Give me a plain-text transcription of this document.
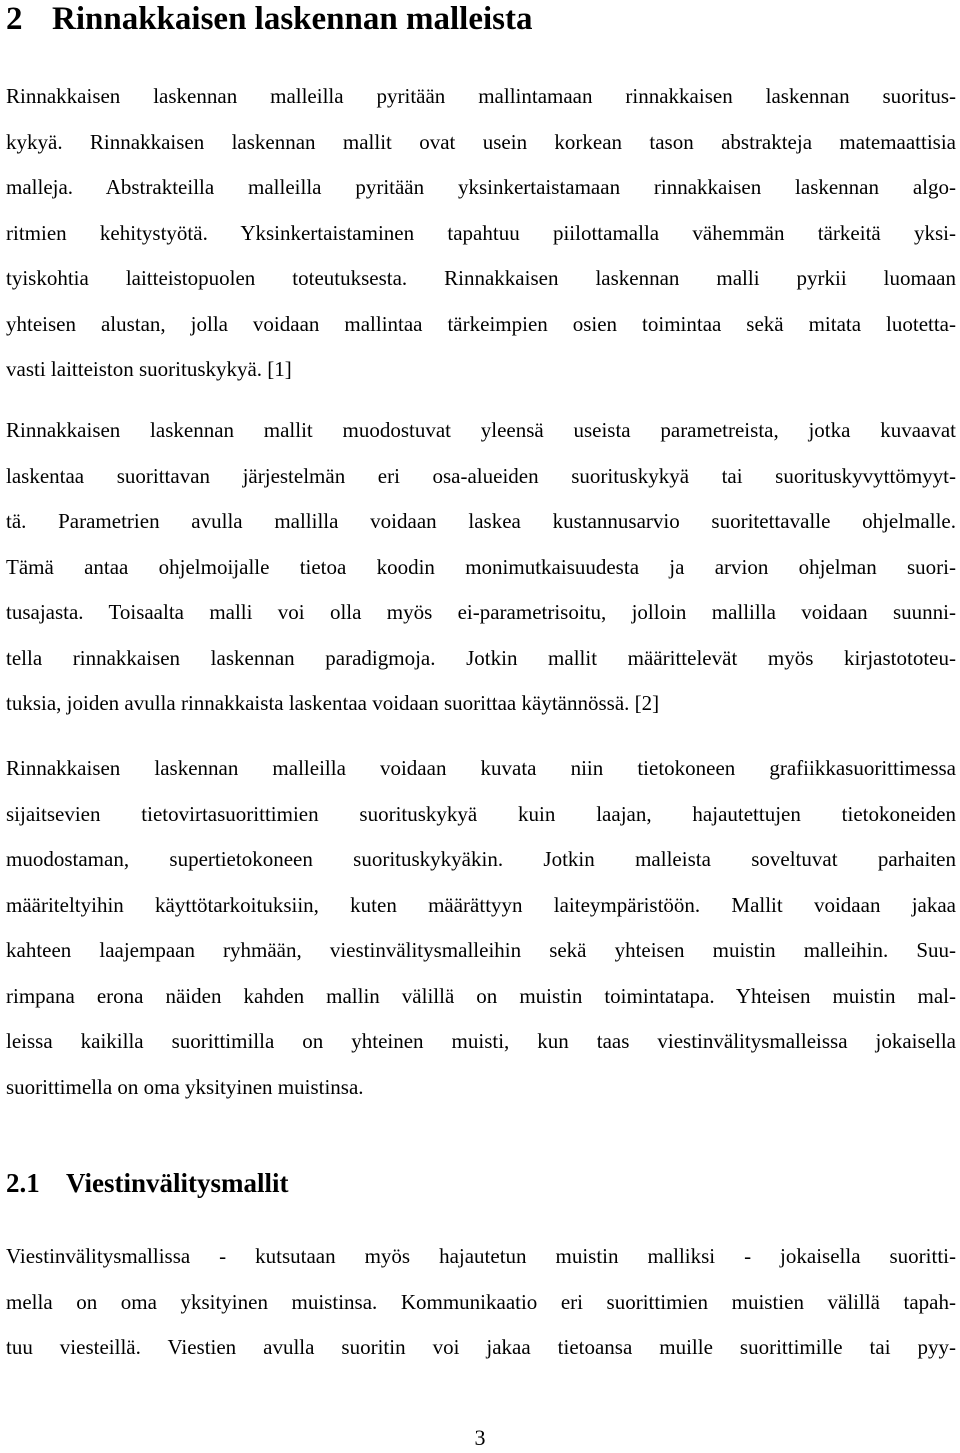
2 Rinnakkaisen laskennan malleista
Rinnakkaisen laskennan malleilla pyritään mallintamaan rinnakkaisen laskennan suoritus-
kykyä. Rinnakkaisen laskennan mallit ovat usein korkean tason abstrakteja matemaattisia
malleja. Abstrakteilla malleilla pyritään yksinkertaistamaan rinnakkaisen laskennan algo-
ritmien kehitystyötä. Yksinkertaistaminen tapahtuu piilottamalla vähemmän tärkeitä yksi-
tyiskohtia laitteistopuolen toteutuksesta. Rinnakkaisen laskennan malli pyrkii luomaan
yhteisen alustan, jolla voidaan mallintaa tärkeimpien osien toimintaa sekä mitata luotetta-
vasti laitteiston suorituskykyä. [1]
Rinnakkaisen laskennan mallit muodostuvat yleensä useista parametreista, jotka kuvaavat
laskentaa suorittavan järjestelmän eri osa-alueiden suorituskykyä tai suorituskyvyttömyyt-
tä. Parametrien avulla mallilla voidaan laskea kustannusarvio suoritettavalle ohjelmalle.
Tämä antaa ohjelmoijalle tietoa koodin monimutkaisuudesta ja arvion ohjelman suori-
tusajasta. Toisaalta malli voi olla myös ei-parametrisoitu, jolloin mallilla voidaan suunni-
tella rinnakkaisen laskennan paradigmoja. Jotkin mallit määrittelevät myös kirjastototeu-
tuksia, joiden avulla rinnakkaista laskentaa voidaan suorittaa käytännössä. [2]
Rinnakkaisen laskennan malleilla voidaan kuvata niin tietokoneen grafiikkasuorittimessa
sijaitsevien tietovirtasuorittimien suorituskykyä kuin laajan, hajautettujen tietokoneiden
muodostaman, supertietokoneen suorituskykyäkin. Jotkin malleista soveltuvat parhaiten
määriteltyihin käyttötarkoituksiin, kuten määrättyyn laiteympäristöön. Mallit voidaan jakaa
kahteen laajempaan ryhmään, viestinvälitysmalleihin sekä yhteisen muistin malleihin. Suu-
rimpana erona näiden kahden mallin välillä on muistin toimintatapa. Yhteisen muistin mal-
leissa kaikilla suorittimilla on yhteinen muisti, kun taas viestinvälitysmalleissa jokaisella
suorittimella on oma yksityinen muistinsa.
2.1 Viestinvälitysmallit
Viestinvälitysmallissa - kutsutaan myös hajautetun muistin malliksi - jokaisella suoritti-
mella on oma yksityinen muistinsa. Kommunikaatio eri suorittimien muistien välillä tapah-
tuu viesteillä. Viestien avulla suoritin voi jakaa tietoansa muille suorittimille tai pyy-
3
